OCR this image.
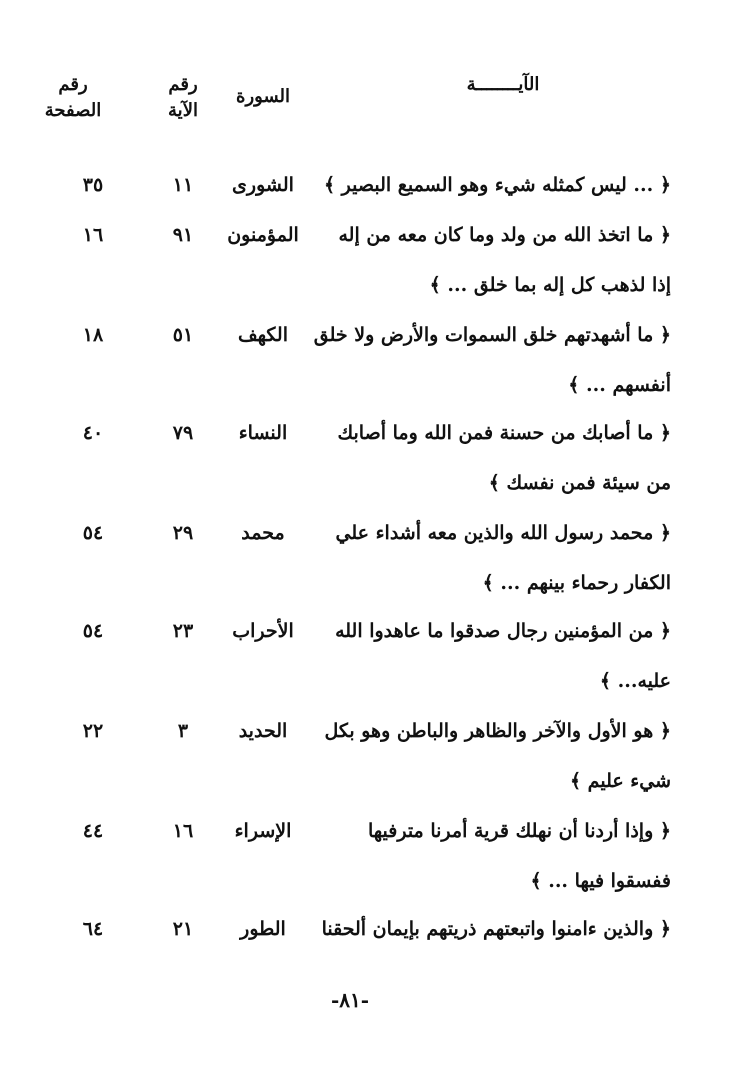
الآيــــــــة
السورة
رقم
الآية
رقم
الصفحة
﴿ ... ليس كمثله شيء وهو السميع البصير ﴾
الشورى
١١
٣٥
﴿ ما اتخذ الله من ولد وما كان معه من إله
إذا لذهب كل إله بما خلق ... ﴾
المؤمنون
٩١
١٦
﴿ ما أشهدتهم خلق السموات والأرض ولا خلق
أنفسهم ... ﴾
الكهف
٥١
١٨
﴿ ما أصابك من حسنة فمن الله وما أصابك
من سيئة فمن نفسك ﴾
النساء
٧٩
٤٠
﴿ محمد رسول الله والذين معه أشداء علي
الكفار رحماء بينهم ... ﴾
محمد
٢٩
٥٤
﴿ من المؤمنين رجال صدقوا ما عاهدوا الله
عليه... ﴾
الأحراب
٢٣
٥٤
﴿ هو الأول والآخر والظاهر والباطن وهو بكل
شيء عليم ﴾
الحديد
٣
٢٢
﴿ وإذا أردنا أن نهلك قرية أمرنا مترفيها
ففسقوا فيها ... ﴾
الإسراء
١٦
٤٤
﴿ والذين ءامنوا واتبعتهم ذريتهم بإيمان ألحقنا
الطور
٢١
٦٤
-٨١-
